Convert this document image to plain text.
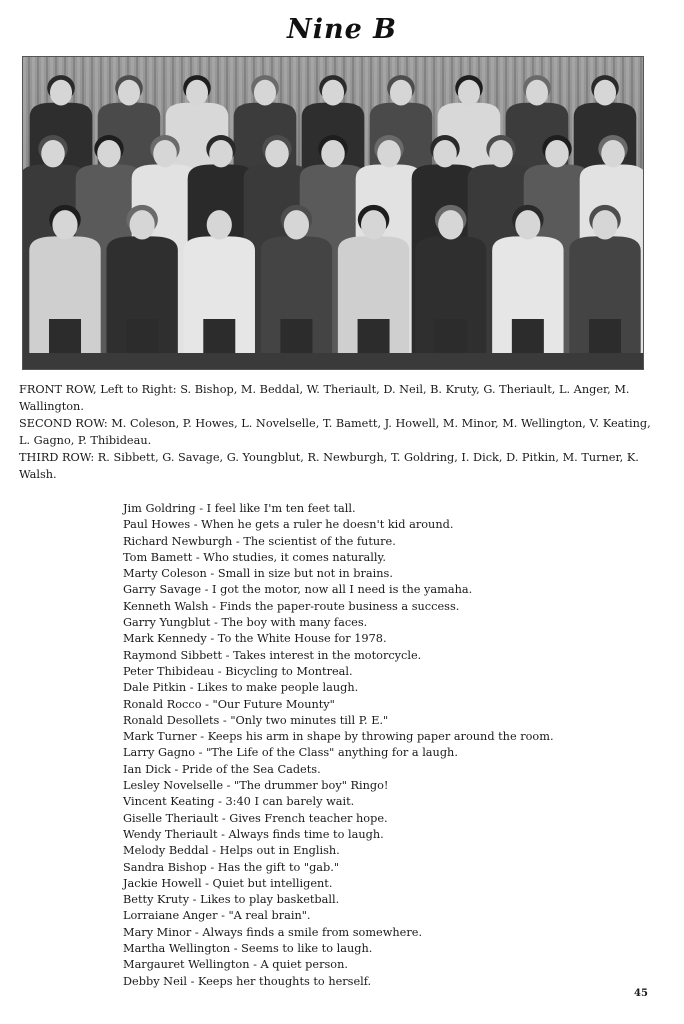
Nine B

FRONT ROW, Left to Right: S. Bishop, M. Beddal, W. Theriault, D. Neil, B. Kruty, G. Theriault, L. Anger, M. Wallington.

SECOND ROW: M. Coleson, P. Howes, L. Novelselle, T. Bamett, J. Howell, M. Minor, M. Wellington, V. Keating, L. Gagno, P. Thibideau.

THIRD ROW: R. Sibbett, G. Savage, G. Youngblut, R. Newburgh, T. Goldring, I. Dick, D. Pitkin, M. Turner, K. Walsh.

Jim Goldring - I feel like I'm ten feet tall.
Paul Howes - When he gets a ruler he doesn't kid around.
Richard Newburgh - The scientist of the future.
Tom Bamett - Who studies, it comes naturally.
Marty Coleson - Small in size but not in brains.
Garry Savage - I got the motor, now all I need is the yamaha.
Kenneth Walsh - Finds the paper-route business a success.
Garry Yungblut - The boy with many faces.
Mark Kennedy - To the White House for 1978.
Raymond Sibbett - Takes interest in the motorcycle.
Peter Thibideau - Bicycling to Montreal.
Dale Pitkin - Likes to make people laugh.
Ronald Rocco - "Our Future Mounty"
Ronald Desollets - "Only two minutes till P. E."
Mark Turner - Keeps his arm in shape by throwing paper around the room.
Larry Gagno - "The Life of the Class" anything for a laugh.
Ian Dick - Pride of the Sea Cadets.
Lesley Novelselle - "The drummer boy" Ringo!
Vincent Keating - 3:40 I can barely wait.
Giselle Theriault - Gives French teacher hope.
Wendy Theriault - Always finds time to laugh.
Melody Beddal - Helps out in English.
Sandra Bishop - Has the gift to "gab."
Jackie Howell - Quiet but intelligent.
Betty Kruty - Likes to play basketball.
Lorraiane Anger - "A real brain".
Mary Minor - Always finds a smile from somewhere.
Martha Wellington - Seems to like to laugh.
Margauret Wellington - A quiet person.
Debby Neil - Keeps her thoughts to herself.
45
